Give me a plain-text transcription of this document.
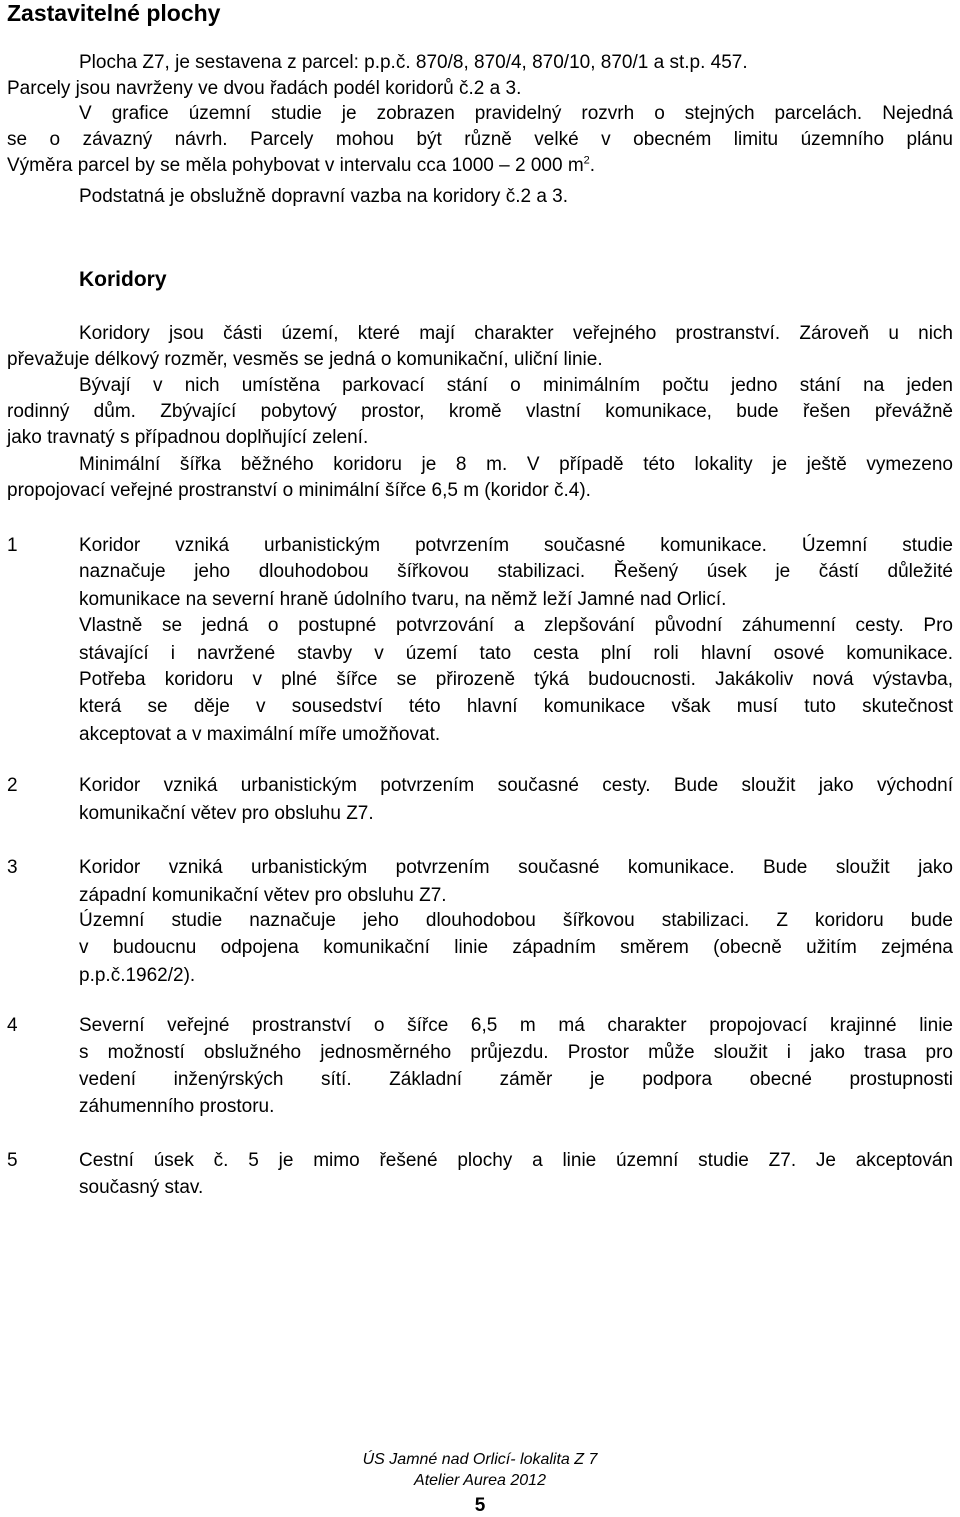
Zastavitelné plochy
Plocha Z7, je sestavena z parcel: p.p.č. 870/8, 870/4, 870/10, 870/1 a st.p. 457.
Parcely jsou navrženy ve dvou řadách podél koridorů č.2 a 3.
V grafice územní studie je zobrazen pravidelný rozvrh o stejných parcelách. Nejedná
se o závazný návrh. Parcely mohou být různě velké v obecném limitu územního plánu
Výměra parcel by se měla pohybovat v intervalu cca 1000 – 2 000 $m^2$.
Podstatná je obslužně dopravní vazba na koridory č.2 a 3.
Koridory
Koridory jsou části území, které mají charakter veřejného prostranství. Zároveň u nich
převažuje délkový rozměr, vesměs se jedná o komunikační, uliční linie.
Bývají v nich umístěna parkovací stání o minimálním počtu jedno stání na jeden
rodinný dům. Zbývající pobytový prostor, kromě vlastní komunikace, bude řešen převážně
jako travnatý s případnou doplňující zelení.
Minimální šířka běžného koridoru je 8 m. V případě této lokality je ještě vymezeno
propojovací veřejné prostranství o minimální šířce 6,5 m (koridor č.4).
1	Koridor vzniká urbanistickým potvrzením současné komunikace. Územní studie
naznačuje jeho dlouhodobou šířkovou stabilizaci. Řešený úsek je částí důležité
komunikace na severní hraně údolního tvaru, na němž leží Jamné nad Orlicí.
Vlastně se jedná o postupné potvrzování a zlepšování původní záhumenní cesty. Pro
stávající i navržené stavby v území tato cesta plní roli hlavní osové komunikace.
Potřeba koridoru v plné šířce se přirozeně týká budoucnosti. Jakákoliv nová výstavba,
která se děje v sousedství této hlavní komunikace však musí tuto skutečnost
akceptovat a v maximální míře umožňovat.
2	Koridor vzniká urbanistickým potvrzením současné cesty. Bude sloužit jako východní
komunikační větev pro obsluhu Z7.
3	Koridor vzniká urbanistickým potvrzením současné komunikace. Bude sloužit jako
západní komunikační větev pro obsluhu Z7.
Územní studie naznačuje jeho dlouhodobou šířkovou stabilizaci. Z koridoru bude
v budoucnu odpojena komunikační linie západním směrem (obecně užitím zejména
p.p.č.1962/2).
4	Severní veřejné prostranství o šířce 6,5 m má charakter propojovací krajinné linie
s možností obslužného jednosměrného průjezdu. Prostor může sloužit i jako trasa pro
vedení inženýrských sítí. Základní záměr je podpora obecné prostupnosti
záhumenního prostoru.
5	Cestní úsek č. 5 je mimo řešené plochy a linie územní studie Z7. Je akceptován
současný stav.
ÚS Jamné nad Orlicí- lokalita Z 7
Atelier Aurea 2012
5
